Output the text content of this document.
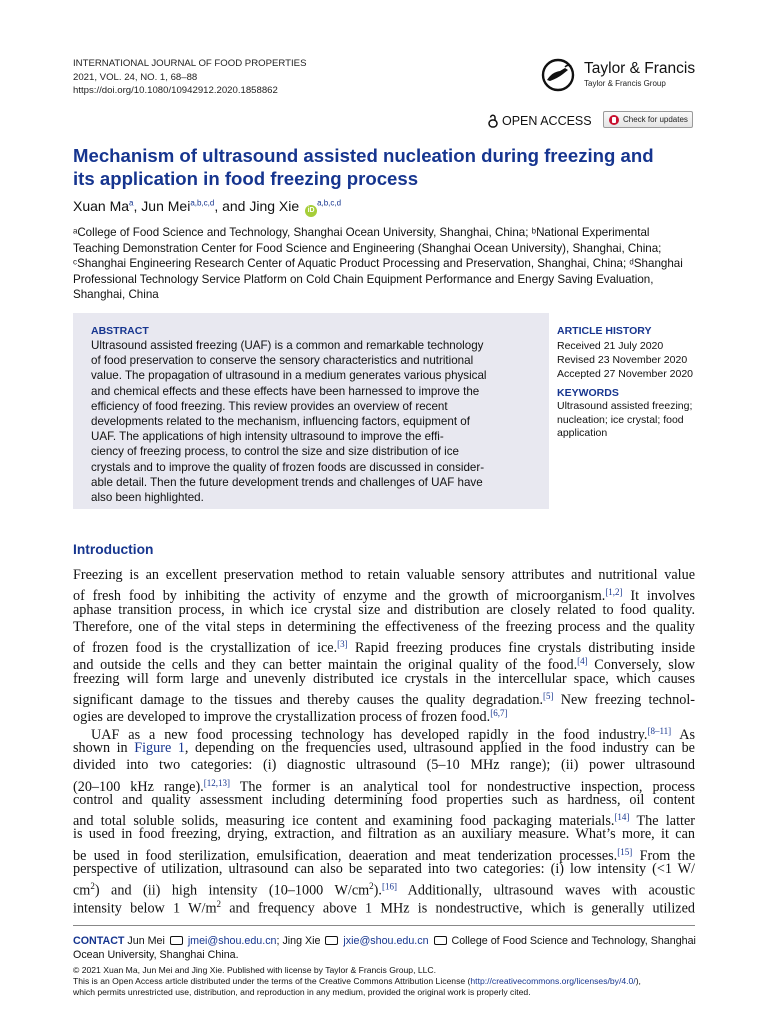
INTERNATIONAL JOURNAL OF FOOD PROPERTIES
2021, VOL. 24, NO. 1, 68–88
https://doi.org/10.1080/10942912.2020.1858862
Taylor & Francis
Taylor & Francis Group
OPEN ACCESS	Check for updates
Mechanism of ultrasound assisted nucleation during freezing and
its application in food freezing process
Xuan Ma$^a$, Jun Mei$^{a,b,c,d}$, and Jing Xie iD$^{a,b,c,d}$
ᵃCollege of Food Science and Technology, Shanghai Ocean University, Shanghai, China; ᵇNational Experimental
Teaching Demonstration Center for Food Science and Engineering (Shanghai Ocean University), Shanghai, China;
ᶜShanghai Engineering Research Center of Aquatic Product Processing and Preservation, Shanghai, China; ᵈShanghai
Professional Technology Service Platform on Cold Chain Equipment Performance and Energy Saving Evaluation,
Shanghai, China
ABSTRACT
Ultrasound assisted freezing (UAF) is a common and remarkable technology
of food preservation to conserve the sensory characteristics and nutritional
value. The propagation of ultrasound in a medium generates various physical
and chemical effects and these effects have been harnessed to improve the
efficiency of food freezing. This review provides an overview of recent
developments related to the mechanism, influencing factors, equipment of
UAF. The applications of high intensity ultrasound to improve the effi-
ciency of freezing process, to control the size and size distribution of ice
crystals and to improve the quality of frozen foods are discussed in consider-
able detail. Then the future development trends and challenges of UAF have
also been highlighted.
ARTICLE HISTORY
Received 21 July 2020
Revised 23 November 2020
Accepted 27 November 2020
KEYWORDS
Ultrasound assisted freezing;
nucleation; ice crystal; food
application
Introduction
Freezing is an excellent preservation method to retain valuable sensory attributes and nutritional value
of fresh food by inhibiting the activity of enzyme and the growth of microorganism.[1,2] It involves
aphase transition process, in which ice crystal size and distribution are closely related to food quality.
Therefore, one of the vital steps in determining the effectiveness of the freezing process and the quality
of frozen food is the crystallization of ice.[3] Rapid freezing produces fine crystals distributing inside
and outside the cells and they can better maintain the original quality of the food.[4] Conversely, slow
freezing will form large and unevenly distributed ice crystals in the intercellular space, which causes
significant damage to the tissues and thereby causes the quality degradation.[5] New freezing technol-
ogies are developed to improve the crystallization process of frozen food.[6,7]
UAF as a new food processing technology has developed rapidly in the food industry.[8–11] As
shown in Figure 1, depending on the frequencies used, ultrasound applied in the food industry can be
divided into two categories: (i) diagnostic ultrasound (5–10 MHz range); (ii) power ultrasound
(20–100 kHz range).[12,13] The former is an analytical tool for nondestructive inspection, process
control and quality assessment including determining food properties such as hardness, oil content
and total soluble solids, measuring ice content and examining food packaging materials.[14] The latter
is used in food freezing, drying, extraction, and filtration as an auxiliary measure. What’s more, it can
be used in food sterilization, emulsification, deaeration and meat tenderization processes.[15] From the
perspective of utilization, ultrasound can also be separated into two categories: (i) low intensity (<1 W/
$cm^2$) and (ii) high intensity (10–1000 $W/cm^2).[16]$ Additionally, ultrasound waves with acoustic
intensity below 1 $W/m^2$ and frequency above 1 MHz is nondestructive, which is generally utilized
CONTACT Jun Mei  jmei@shou.edu.cn; Jing Xie  jxie@shou.edu.cn  College of Food Science and Technology, Shanghai
Ocean University, Shanghai China.
© 2021 Xuan Ma, Jun Mei and Jing Xie. Published with license by Taylor & Francis Group, LLC.
This is an Open Access article distributed under the terms of the Creative Commons Attribution License (http://creativecommons.org/licenses/by/4.0/),
which permits unrestricted use, distribution, and reproduction in any medium, provided the original work is properly cited.
